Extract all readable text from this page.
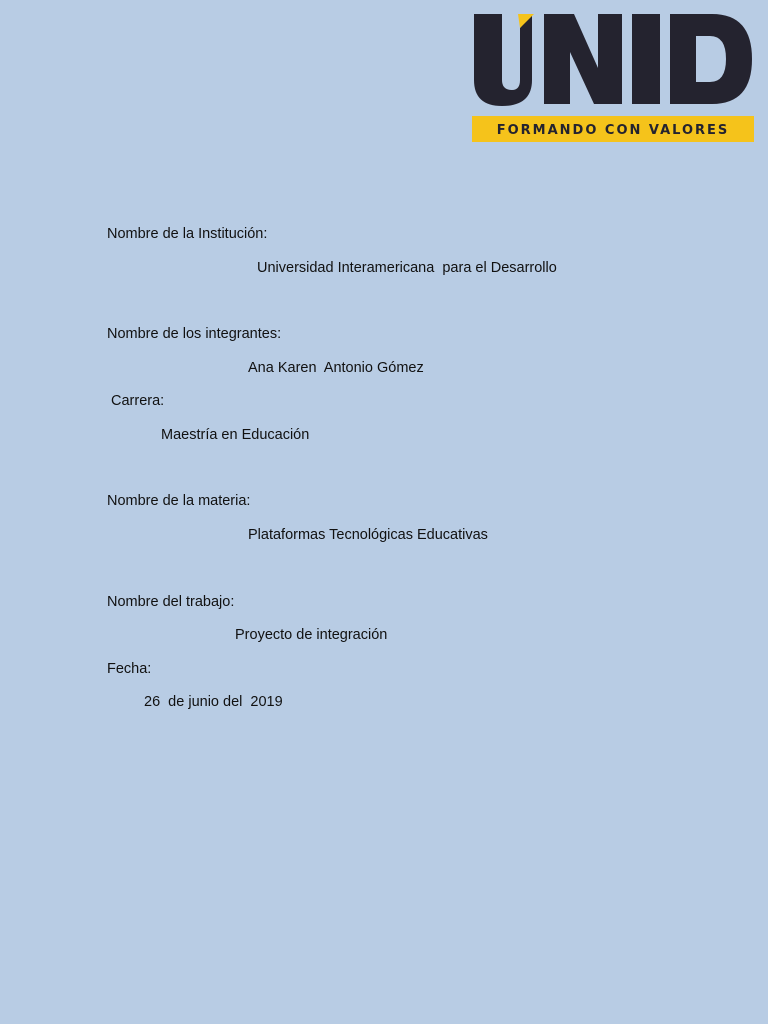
FORMANDO CON VALORES
Nombre de la Institución:
Universidad Interamericana  para el Desarrollo
Nombre de los integrantes:
Ana Karen  Antonio Gómez
Carrera:
Maestría en Educación
Nombre de la materia:
Plataformas Tecnológicas Educativas
Nombre del trabajo:
Proyecto de integración
Fecha:
26  de junio del  2019
